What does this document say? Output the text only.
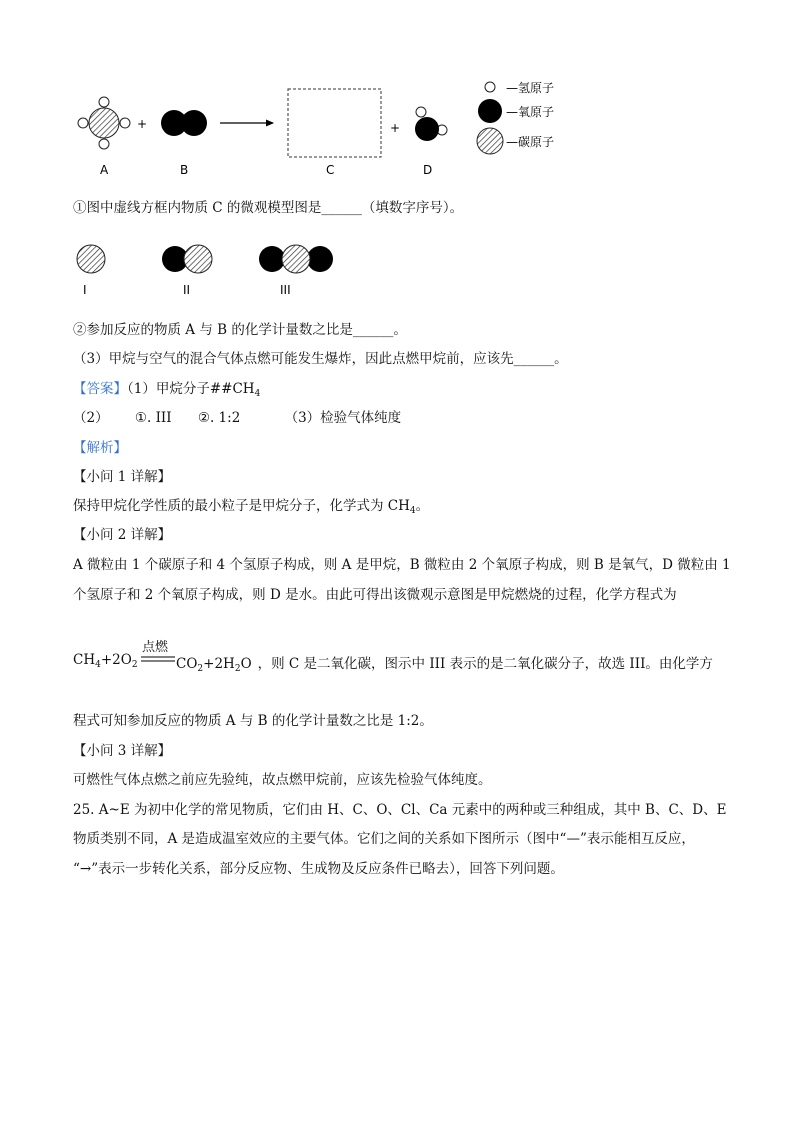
+	+
A	B	C	D
—氢原子
—氧原子
—碳原子
①图中虚线方框内物质 C 的微观模型图是______（填数字序号）。
I	II	III
②参加反应的物质 A 与 B 的化学计量数之比是______。
（3）甲烷与空气的混合气体点燃可能发生爆炸，因此点燃甲烷前，应该先______。
【答案】（1）甲烷分子$\#\#CH_4$
（2） ①. III ②. 1:2	（3）检验气体纯度
【解析】
【小问 1 详解】
保持甲烷化学性质的最小粒子是甲烷分子，化学式为 $CH_4$。
【小问 2 详解】
A 微粒由 1 个碳原子和 4 个氢原子构成，则 A 是甲烷，B 微粒由 2 个氧原子构成，则 B 是氧气，D 微粒由 1
个氢原子和 2 个氧原子构成，则 D 是水。由此可得出该微观示意图是甲烷燃烧的过程，化学方程式为
$CH_4+2O_2$
点燃
$CO_2+2H_2O$ ，则 C 是二氧化碳，图示中 III 表示的是二氧化碳分子，故选 III。由化学方
程式可知参加反应的物质 A 与 B 的化学计量数之比是 1:2。
【小问 3 详解】
可燃性气体点燃之前应先验纯，故点燃甲烷前，应该先检验气体纯度。
25. A~E 为初中化学的常见物质，它们由 H、C、O、Cl、Ca 元素中的两种或三种组成，其中 B、C、D、E
物质类别不同，A 是造成温室效应的主要气体。它们之间的关系如下图所示（图中“—”表示能相互反应，
“→”表示一步转化关系，部分反应物、生成物及反应条件已略去），回答下列问题。
